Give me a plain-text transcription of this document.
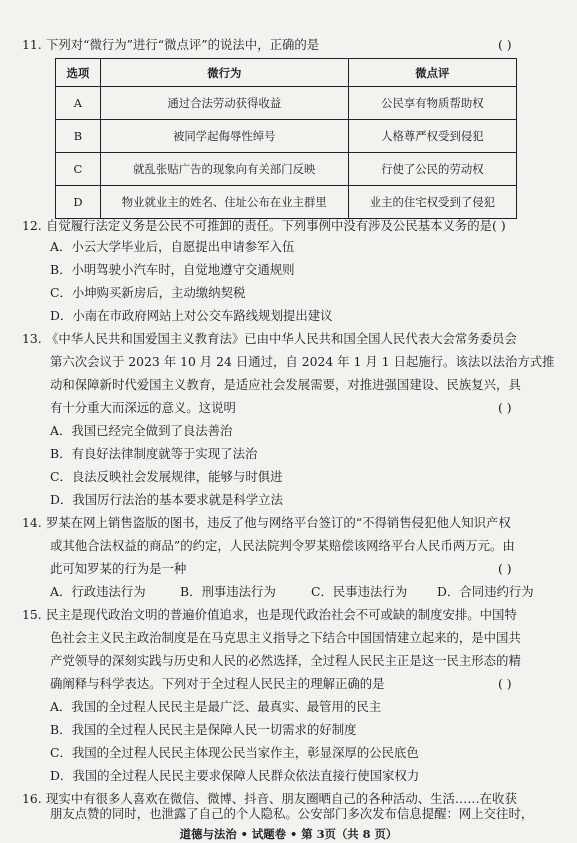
11. 下列对“微行为”进行“微点评”的说法中，正确的是	( )
选项	微行为	微点评
A	通过合法劳动获得收益	公民享有物质帮助权
B	被同学起侮辱性绰号	人格尊严权受到侵犯
C	就乱张贴广告的现象向有关部门反映	行使了公民的劳动权
D	物业就业主的姓名、住址公布在业主群里	业主的住宅权受到了侵犯
12. 自觉履行法定义务是公民不可推卸的责任。下列事例中没有涉及公民基本义务的是( )
A．小云大学毕业后，自愿提出申请参军入伍
B．小明驾驶小汽车时，自觉地遵守交通规则
C．小坤购买新房后，主动缴纳契税
D．小南在市政府网站上对公交车路线规划提出建议
13. 《中华人民共和国爱国主义教育法》已由中华人民共和国全国人民代表大会常务委员会
第六次会议于 2023 年 10 月 24 日通过，自 2024 年 1 月 1 日起施行。该法以法治方式推
动和保障新时代爱国主义教育，是适应社会发展需要，对推进强国建设、民族复兴，具
有十分重大而深远的意义。这说明	( )
A．我国已经完全做到了良法善治
B．有良好法律制度就等于实现了法治
C．良法反映社会发展规律，能够与时俱进
D．我国厉行法治的基本要求就是科学立法
14. 罗某在网上销售盗版的图书，违反了他与网络平台签订的“不得销售侵犯他人知识产权
或其他合法权益的商品”的约定，人民法院判令罗某赔偿该网络平台人民币两万元。由
此可知罗某的行为是一种	( )
A．行政违法行为	B．刑事违法行为	C．民事违法行为 D．合同违约行为
15. 民主是现代政治文明的普遍价值追求，也是现代政治社会不可或缺的制度安排。中国特
色社会主义民主政治制度是在马克思主义指导之下结合中国国情建立起来的，是中国共
产党领导的深刻实践与历史和人民的必然选择，全过程人民民主正是这一民主形态的精
确阐释与科学表达。下列对于全过程人民民主的理解正确的是	( )
A．我国的全过程人民民主是最广泛、最真实、最管用的民主
B．我国的全过程人民民主是保障人民一切需求的好制度
C．我国的全过程人民民主体现公民当家作主，彰显深厚的公民底色
D．我国的全过程人民民主要求保障人民群众依法直接行使国家权力
16. 现实中有很多人喜欢在微信、微博、抖音、朋友圈晒自己的各种活动、生活……在收获
朋友点赞的同时，也泄露了自己的个人隐私。公安部门多次发布信息提醒：网上交往时，
道德与法治 • 试题卷 • 第 3页（共 8 页）
